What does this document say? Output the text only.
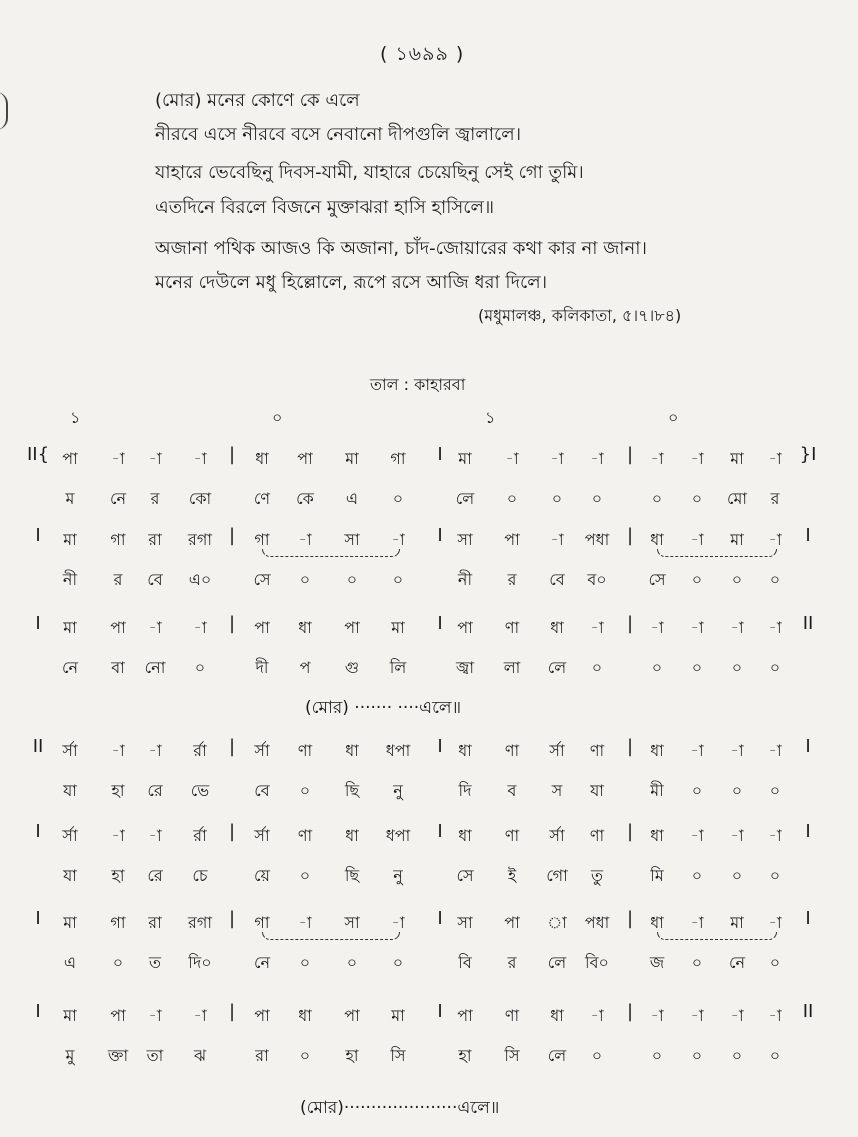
( ১৬৯৯ )
(মোর) মনের কোণে কে এলে
নীরবে এসে নীরবে বসে নেবানো দীপগুলি জ্বালালে।
যাহারে ভেবেছিনু দিবস-যামী, যাহারে চেয়েছিনু সেই গো তুমি।
এতদিনে বিরলে বিজনে মুক্তাঝরা হাসি হাসিলে॥
অজানা পথিক আজও কি অজানা, চাঁদ-জোয়ারের কথা কার না জানা।
মনের দেউলে মধু হিল্লোলে, রূপে রসে আজি ধরা দিলে।
(মধুমালঞ্চ, কলিকাতা, ৫।৭।৮৪)
তাল : কাহারবা
১	০	১	০
II{	}I
|	I	|
পা -া -া -া	ধা পা মা গা	মা -া -া -া	-া -া মা -া
ম নে র কো	ণে কে এ ০	লে ০ ০ ০	০ ০ মো র
I	I
|	I	|
মা গা রা রগা	গা -া সা -া	সা পা -া পধা	ধা -া মা -া
নী র বে এ০	সে ০ ০ ০	নী র বে ব০	সে ০ ০ ০
I	II
|	I	|
মা পা -া -া	পা ধা পা মা	পা ণা ধা -া	-া -া -া -া
নে বা নো ০	দী প গু লি	জ্বা লা লে ০	০ ০ ০ ০
II	I
|	I	|
র্সা -া -া র্রা	র্সা ণা ধা ধপা	ধা ণা র্সা ণা	ধা -া -া -া
যা হা রে ভে	বে ০ ছি নু	দি ব স যা	মী ০ ০ ০
I	I
|	I	|
র্সা -া -া র্রা	র্সা ণা ধা ধপা	ধা ণা র্সা ণা	ধা -া -া -া
যা হা রে চে	য়ে ০ ছি নু	সে ই গো তু	মি ০ ০ ০
I	I
|	I	|
মা গা রা রগা	গা -া সা -া	সা পা া পধা	ধা -া মা -া
এ ০ ত দি০	নে ০ ০ ০	বি র লে বি০	জ ০ নে ০
I	II
|	I	|
মা পা -া -া	পা ধা পা মা	পা ণা ধা -া	-া -া -া -া
মু ক্তা তা ঝ	রা ০ হা সি	হা সি লে ০	০ ০ ০ ০
(মোর) ······· ····এলে॥
(মোর)·····················এলে॥
